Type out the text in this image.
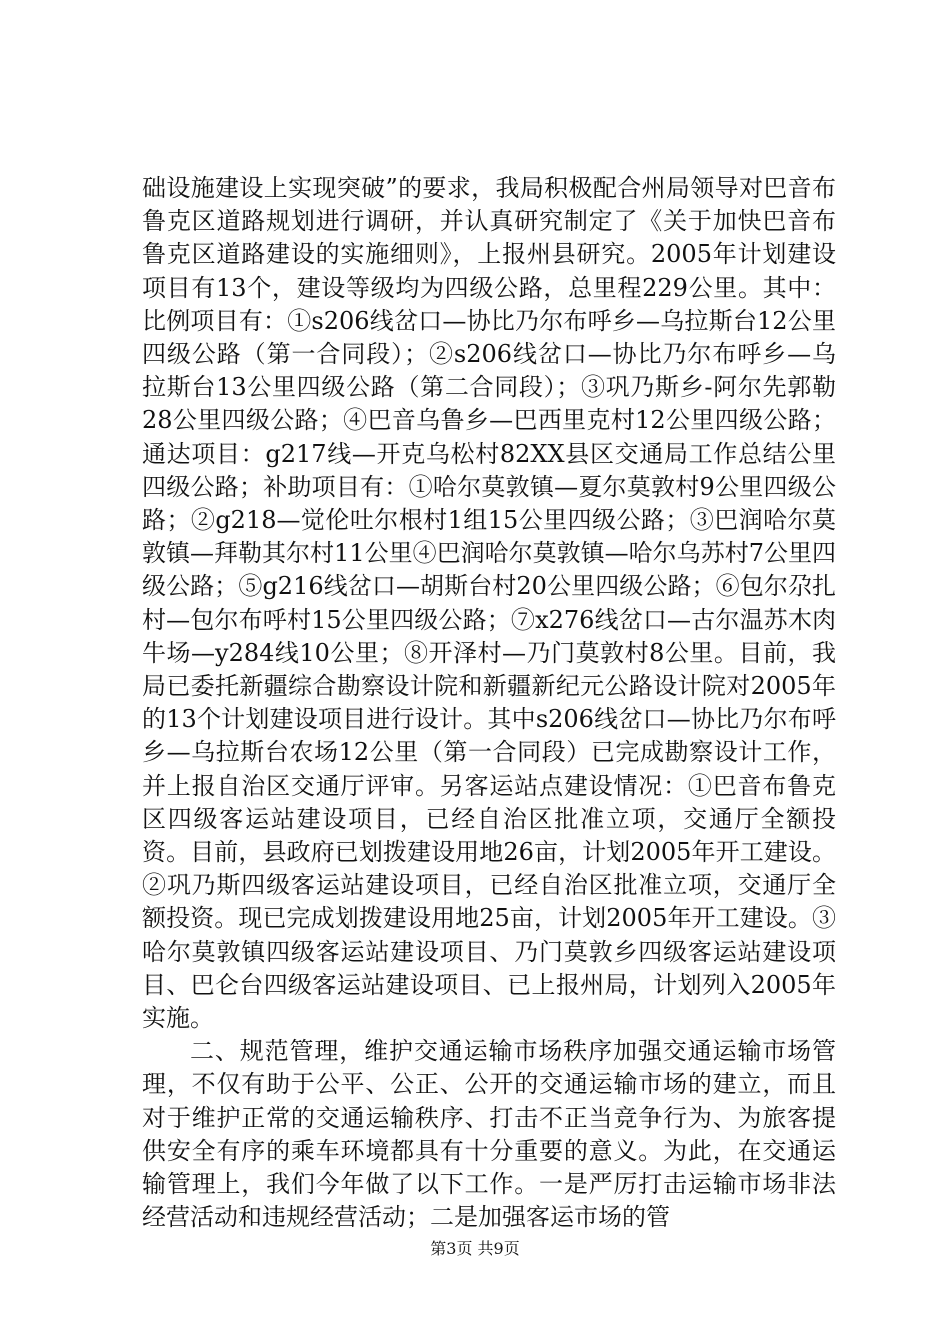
础设施建设上实现突破”的要求，我局积极配合州局领导对巴音布鲁克区道路规划进行调研，并认真研究制定了《关于加快巴音布鲁克区道路建设的实施细则》，上报州县研究。2005年计划建设项目有13个，建设等级均为四级公路，总里程229公里。其中：比例项目有：①s206线岔口—协比乃尔布呼乡—乌拉斯台12公里四级公路（第一合同段）；②s206线岔口—协比乃尔布呼乡—乌拉斯台13公里四级公路（第二合同段）；③巩乃斯乡-阿尔先郭勒28公里四级公路；④巴音乌鲁乡—巴西里克村12公里四级公路；通达项目：g217线—开克乌松村82XX县区交通局工作总结公里四级公路；补助项目有：①哈尔莫敦镇—夏尔莫敦村9公里四级公路；②g218—觉伦吐尔根村1组15公里四级公路；③巴润哈尔莫敦镇—拜勒其尔村11公里④巴润哈尔莫敦镇—哈尔乌苏村7公里四级公路；⑤g216线岔口—胡斯台村20公里四级公路；⑥包尔尕扎村—包尔布呼村15公里四级公路；⑦x276线岔口—古尔温苏木肉牛场—y284线10公里；⑧开泽村—乃门莫敦村8公里。目前，我局已委托新疆综合勘察设计院和新疆新纪元公路设计院对2005年的13个计划建设项目进行设计。其中s206线岔口—协比乃尔布呼乡—乌拉斯台农场12公里（第一合同段）已完成勘察设计工作，并上报自治区交通厅评审。另客运站点建设情况：①巴音布鲁克区四级客运站建设项目，已经自治区批准立项，交通厅全额投资。目前，县政府已划拨建设用地26亩，计划2005年开工建设。②巩乃斯四级客运站建设项目，已经自治区批准立项，交通厅全额投资。现已完成划拨建设用地25亩，计划2005年开工建设。③哈尔莫敦镇四级客运站建设项目、乃门莫敦乡四级客运站建设项目、巴仑台四级客运站建设项目、已上报州局，计划列入2005年实施。

二、规范管理，维护交通运输市场秩序加强交通运输市场管理，不仅有助于公平、公正、公开的交通运输市场的建立，而且对于维护正常的交通运输秩序、打击不正当竞争行为、为旅客提供安全有序的乘车环境都具有十分重要的意义。为此，在交通运输管理上，我们今年做了以下工作。一是严厉打击运输市场非法经营活动和违规经营活动；二是加强客运市场的管

第3页 共9页
